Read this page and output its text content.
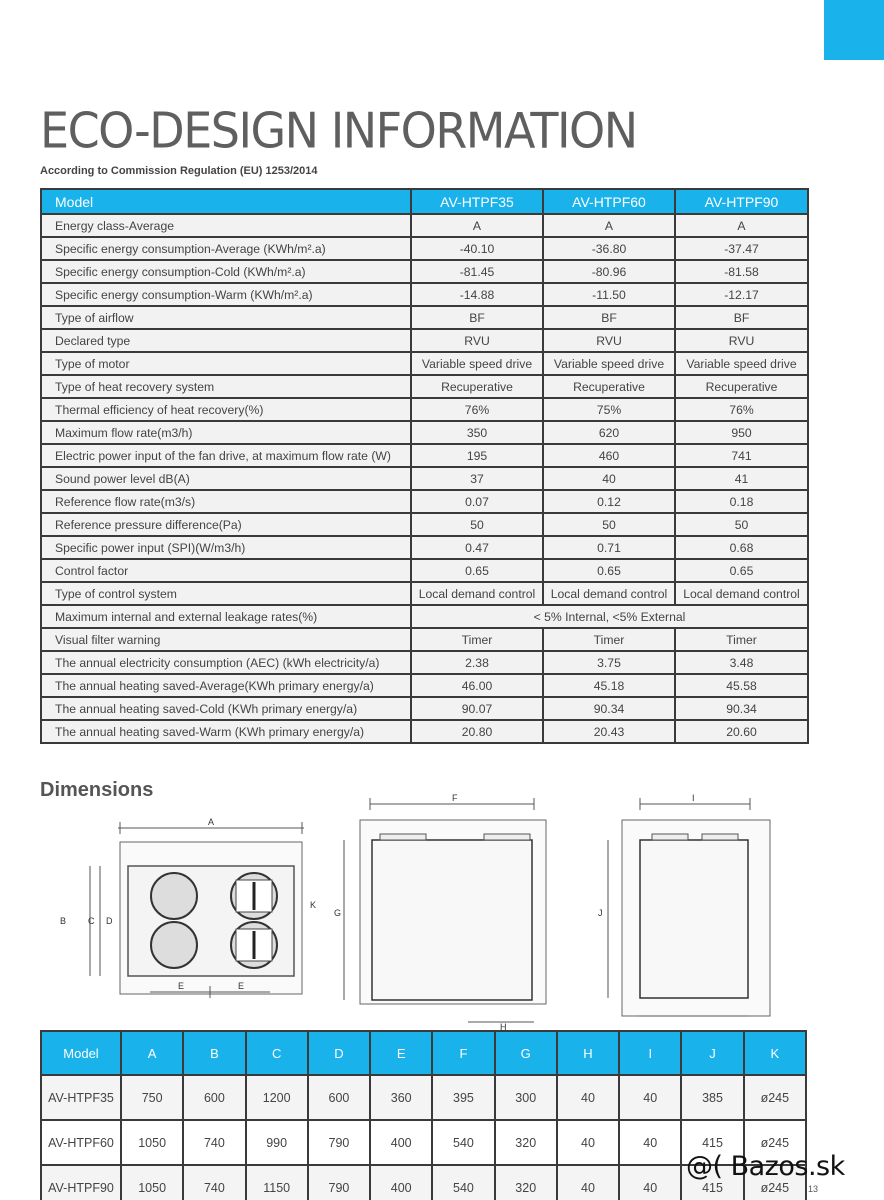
ECO-DESIGN INFORMATION
According to Commission Regulation (EU) 1253/2014
Model	AV-HTPF35	AV-HTPF60	AV-HTPF90
Energy class-Average	A	A	A
Specific energy consumption-Average (KWh/m².a)	-40.10	-36.80	-37.47
Specific energy consumption-Cold (KWh/m².a)	-81.45	-80.96	-81.58
Specific energy consumption-Warm (KWh/m².a)	-14.88	-11.50	-12.17
Type of airflow	BF	BF	BF
Declared type	RVU	RVU	RVU
Type of motor	Variable speed drive	Variable speed drive	Variable speed drive
Type of heat recovery system	Recuperative	Recuperative	Recuperative
Thermal efficiency of heat recovery(%)	76%	75%	76%
Maximum flow rate(m3/h)	350	620	950
Electric power input of the fan drive, at maximum flow rate (W)	195	460	741
Sound power level dB(A)	37	40	41
Reference flow rate(m3/s)	0.07	0.12	0.18
Reference pressure difference(Pa)	50	50	50
Specific power input (SPI)(W/m3/h)	0.47	0.71	0.68
Control factor	0.65	0.65	0.65
Type of control system	Local demand control	Local demand control	Local demand control
Maximum internal and external leakage rates(%)	< 5% Internal, <5% External		
Visual filter warning	Timer	Timer	Timer
The annual electricity consumption (AEC) (kWh electricity/a)	2.38	3.75	3.48
The annual heating saved-Average(KWh primary energy/a)	46.00	45.18	45.58
The annual heating saved-Cold (KWh primary energy/a)	90.07	90.34	90.34
The annual heating saved-Warm (KWh primary energy/a)	20.80	20.43	20.60
Dimensions
A
B C D
E	E
F
G
H
I
J
K
Model	A	B	C	D	E	F	G	H	I	J	K
AV-HTPF35	750	600	1200	600	360	395	300	40	40	385	ø245
AV-HTPF60	1050	740	990	790	400	540	320	40	40	415	ø245
AV-HTPF90	1050	740	1150	790	400	540	320	40	40	415	ø245
@( Bazos.sk
13
